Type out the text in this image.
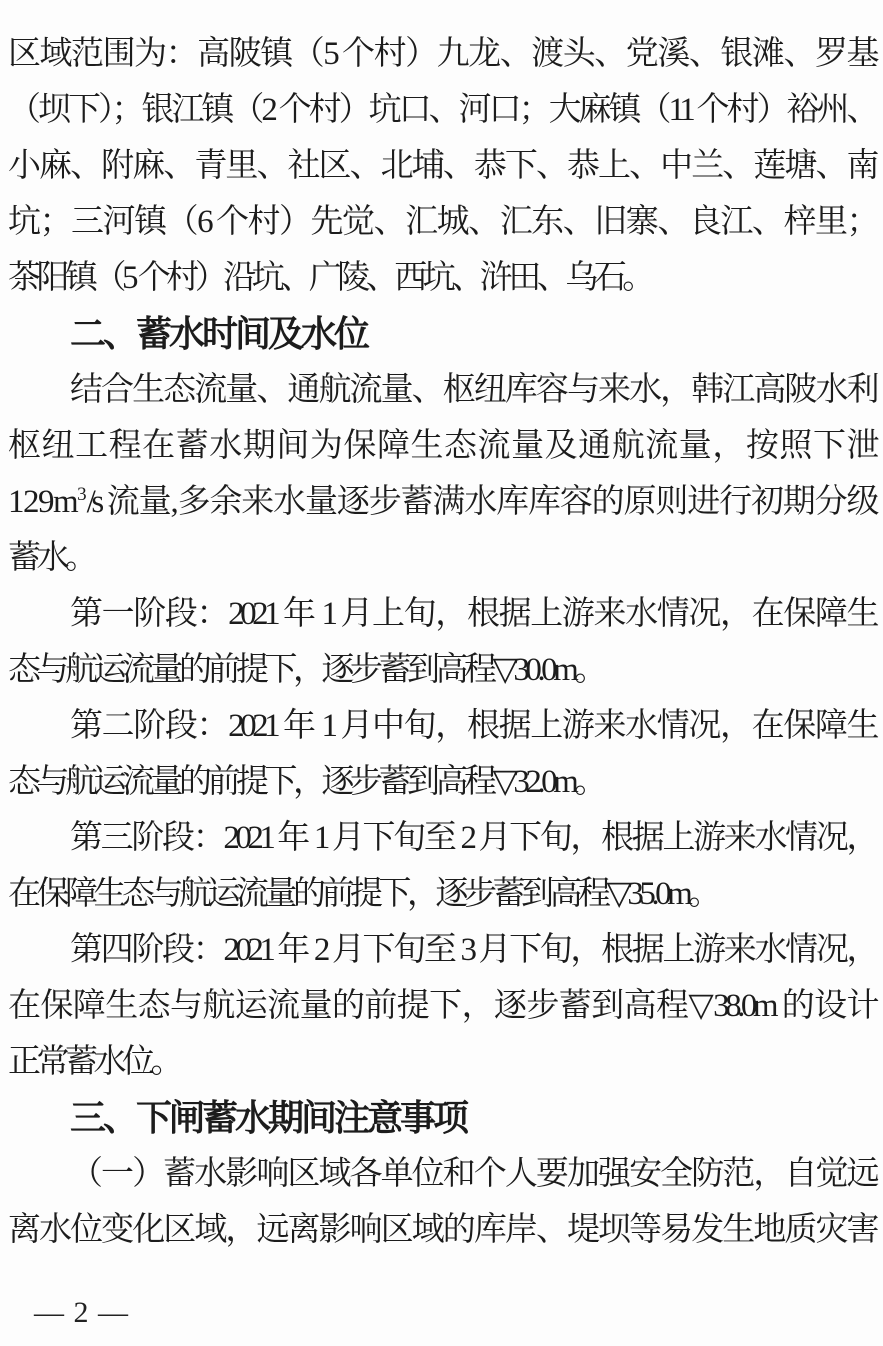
区域范围为：高陂镇（5 个村）九龙、渡头、党溪、银滩、罗基
（坝下）；银江镇（2 个村）坑口、河口；大麻镇（11 个村）裕州、
小麻、附麻、青里、社区、北埔、恭下、恭上、中兰、莲塘、南
坑；三河镇（6 个村）先觉、汇城、汇东、旧寨、良江、梓里；
茶阳镇（5 个村）沿坑、广陵、西坑、浒田、乌石。
二、蓄水时间及水位
结合生态流量、通航流量、枢纽库容与来水，韩江高陂水利
枢纽工程在蓄水期间为保障生态流量及通航流量，按照下泄
$129m^3/s$ 流量,多余来水量逐步蓄满水库库容的原则进行初期分级
蓄水。
第一阶段：2021 年 1 月上旬，根据上游来水情况，在保障生
态与航运流量的前提下，逐步蓄到高程▽30.0m。
第二阶段：2021 年 1 月中旬，根据上游来水情况，在保障生
态与航运流量的前提下，逐步蓄到高程▽32.0m。
第三阶段：2021 年 1 月下旬至 2 月下旬，根据上游来水情况，
在保障生态与航运流量的前提下，逐步蓄到高程▽35.0m。
第四阶段：2021 年 2 月下旬至 3 月下旬，根据上游来水情况，
在保障生态与航运流量的前提下，逐步蓄到高程▽38.0m 的设计
正常蓄水位。
三、下闸蓄水期间注意事项
（一）蓄水影响区域各单位和个人要加强安全防范，自觉远
离水位变化区域，远离影响区域的库岸、堤坝等易发生地质灾害
— 2 —
